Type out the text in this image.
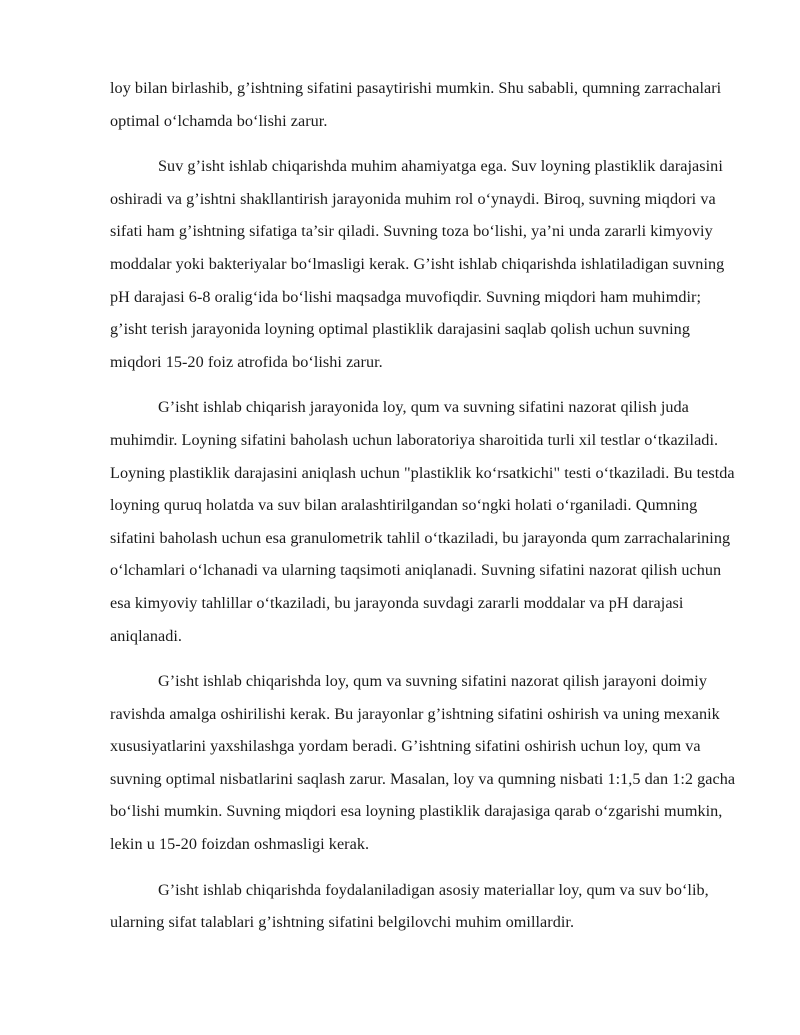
loy bilan birlashib, g’ishtning sifatini pasaytirishi mumkin. Shu sababli, qumning zarrachalari optimal o‘lchamda bo‘lishi zarur.

Suv g’isht ishlab chiqarishda muhim ahamiyatga ega. Suv loyning plastiklik darajasini oshiradi va g’ishtni shakllantirish jarayonida muhim rol o‘ynaydi. Biroq, suvning miqdori va sifati ham g’ishtning sifatiga ta’sir qiladi. Suvning toza bo‘lishi, ya’ni unda zararli kimyoviy moddalar yoki bakteriyalar bo‘lmasligi kerak. G’isht ishlab chiqarishda ishlatiladigan suvning pH darajasi 6-8 oralig‘ida bo‘lishi maqsadga muvofiqdir. Suvning miqdori ham muhimdir; g’isht terish jarayonida loyning optimal plastiklik darajasini saqlab qolish uchun suvning miqdori 15-20 foiz atrofida bo‘lishi zarur.

G’isht ishlab chiqarish jarayonida loy, qum va suvning sifatini nazorat qilish juda muhimdir. Loyning sifatini baholash uchun laboratoriya sharoitida turli xil testlar o‘tkaziladi. Loyning plastiklik darajasini aniqlash uchun "plastiklik ko‘rsatkichi" testi o‘tkaziladi. Bu testda loyning quruq holatda va suv bilan aralashtirilgandan so‘ngki holati o‘rganiladi. Qumning sifatini baholash uchun esa granulometrik tahlil o‘tkaziladi, bu jarayonda qum zarrachalarining o‘lchamlari o‘lchanadi va ularning taqsimoti aniqlanadi. Suvning sifatini nazorat qilish uchun esa kimyoviy tahlillar o‘tkaziladi, bu jarayonda suvdagi zararli moddalar va pH darajasi aniqlanadi.

G’isht ishlab chiqarishda loy, qum va suvning sifatini nazorat qilish jarayoni doimiy ravishda amalga oshirilishi kerak. Bu jarayonlar g’ishtning sifatini oshirish va uning mexanik xususiyatlarini yaxshilashga yordam beradi. G’ishtning sifatini oshirish uchun loy, qum va suvning optimal nisbatlarini saqlash zarur. Masalan, loy va qumning nisbati 1:1,5 dan 1:2 gacha bo‘lishi mumkin. Suvning miqdori esa loyning plastiklik darajasiga qarab o‘zgarishi mumkin, lekin u 15-20 foizdan oshmasligi kerak.

G’isht ishlab chiqarishda foydalaniladigan asosiy materiallar loy, qum va suv bo‘lib, ularning sifat talablari g’ishtning sifatini belgilovchi muhim omillardir.
